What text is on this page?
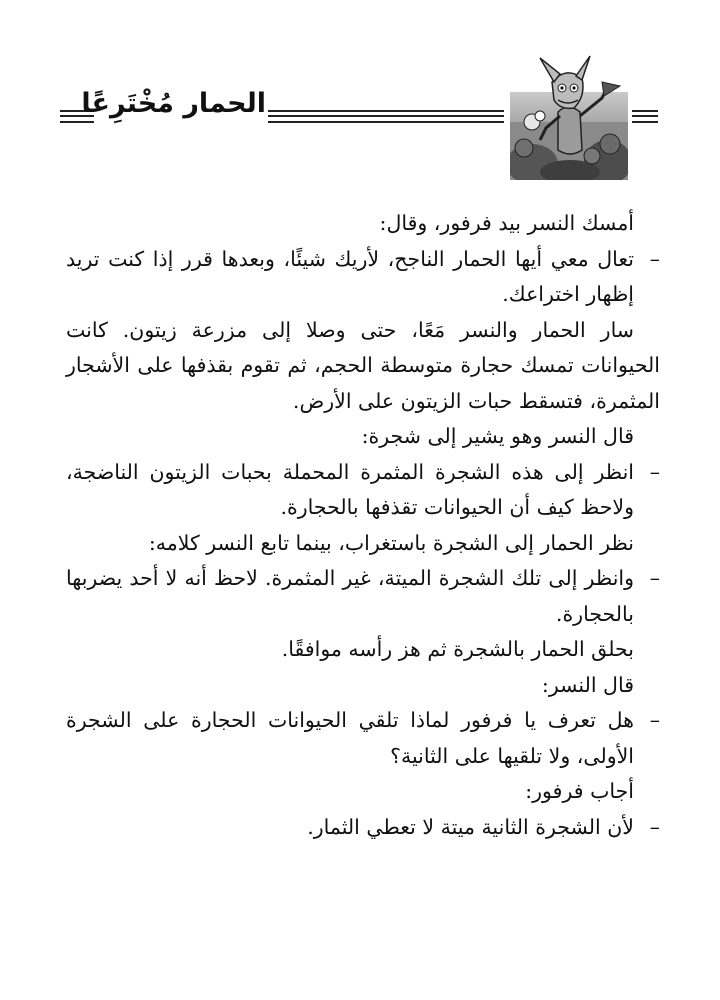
الحمار مُخْتَرِعًا

أمسك النسر بيد فرفور، وقال:

–
تعال معي أيها الحمار الناجح، لأريك شيئًا، وبعدها قرر إذا كنت تريد إظهار اختراعك.

سار الحمار والنسر مَعًا، حتى وصلا إلى مزرعة زيتون. كانت الحيوانات تمسك حجارة متوسطة الحجم، ثم تقوم بقذفها على الأشجار المثمرة، فتسقط حبات الزيتون على الأرض.

قال النسر وهو يشير إلى شجرة:

–
انظر إلى هذه الشجرة المثمرة المحملة بحبات الزيتون الناضجة، ولاحظ كيف أن الحيوانات تقذفها بالحجارة.

نظر الحمار إلى الشجرة باستغراب، بينما تابع النسر كلامه:

–
وانظر إلى تلك الشجرة الميتة، غير المثمرة. لاحظ أنه لا أحد يضربها بالحجارة.

بحلق الحمار بالشجرة ثم هز رأسه موافقًا.

قال النسر:

–
هل تعرف يا فرفور لماذا تلقي الحيوانات الحجارة على الشجرة الأولى، ولا تلقيها على الثانية؟

أجاب فرفور:

–
لأن الشجرة الثانية ميتة لا تعطي الثمار.
